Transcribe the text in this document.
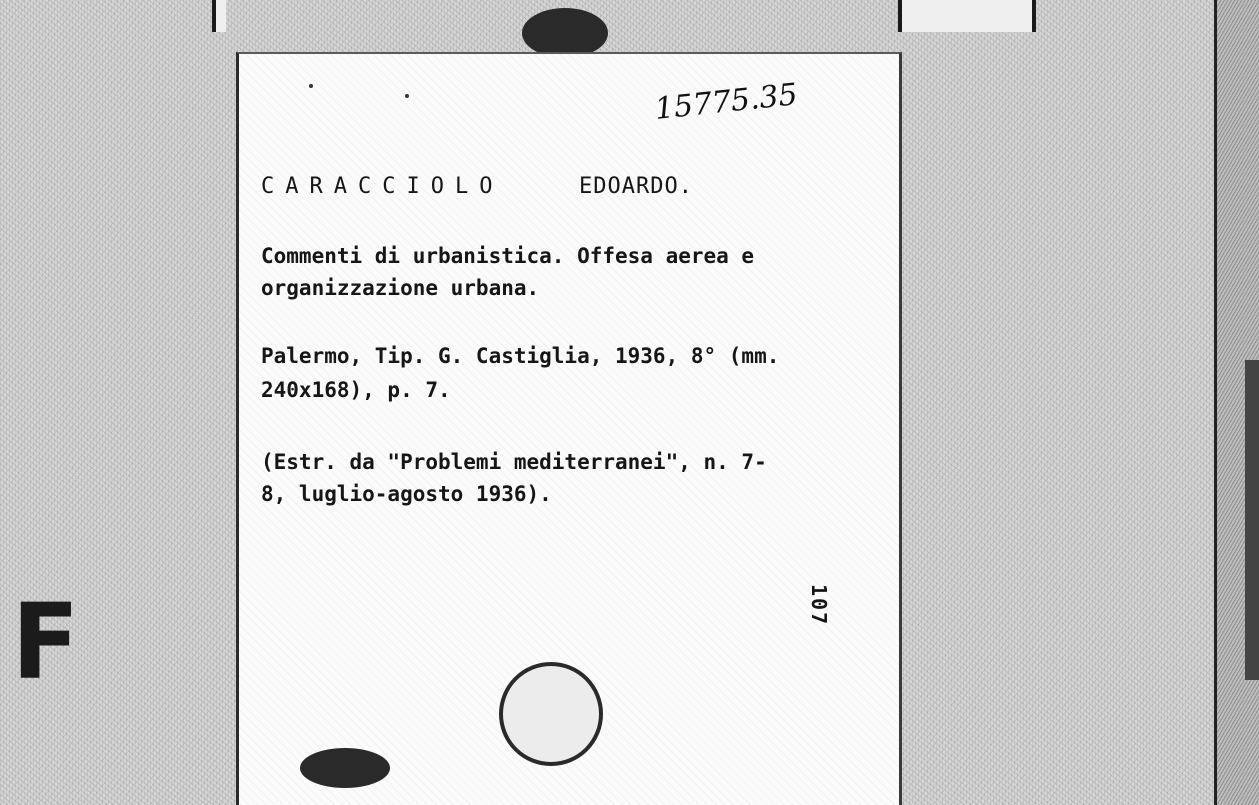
F
15775.35
CARACCIOLO	EDOARDO.
Commenti di urbanistica. Offesa aerea e
organizzazione urbana.
Palermo, Tip. G. Castiglia, 1936, 8° (mm.
240x168), p. 7.
(Estr. da "Problemi mediterranei", n. 7-
8, luglio-agosto 1936).
107
